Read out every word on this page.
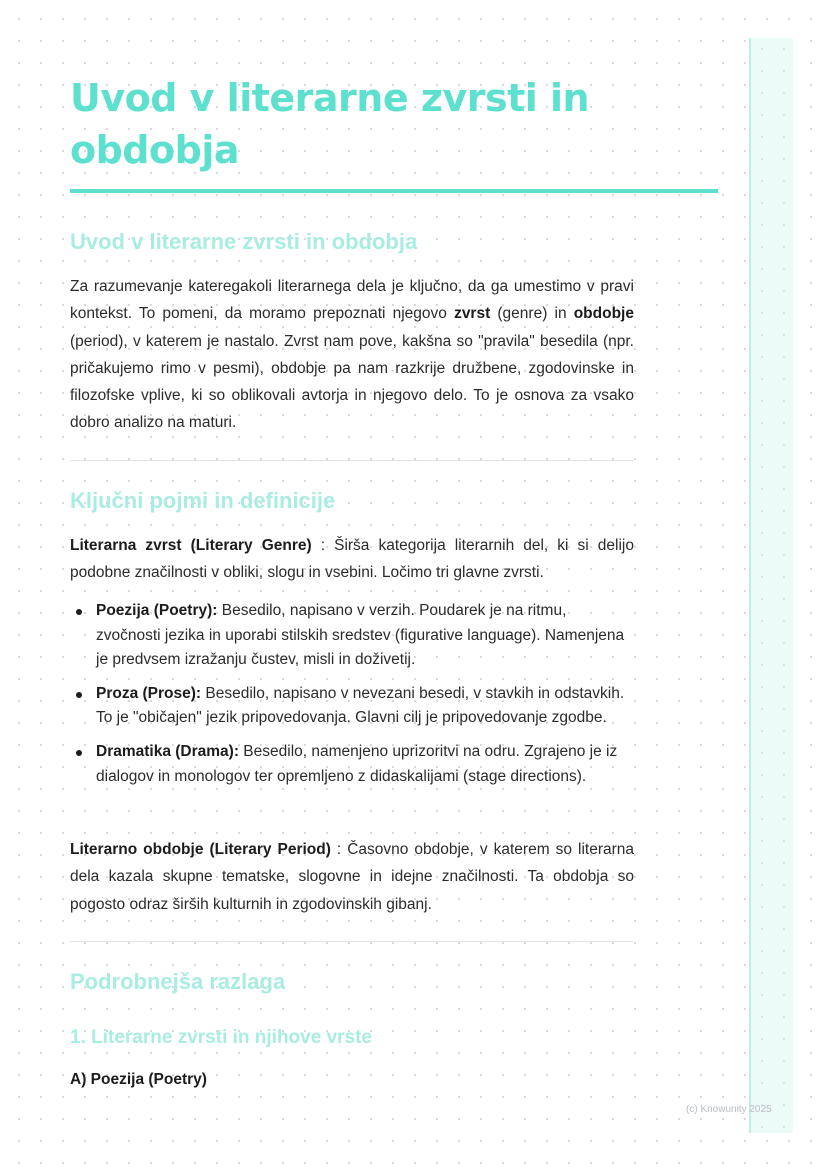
Uvod v literarne zvrsti in obdobja
Uvod v literarne zvrsti in obdobja

Za razumevanje kateregakoli literarnega dela je ključno, da ga umestimo v pravi kontekst. To pomeni, da moramo prepoznati njegovo zvrst (genre) in obdobje (period), v katerem je nastalo. Zvrst nam pove, kakšna so "pravila" besedila (npr. pričakujemo rimo v pesmi), obdobje pa nam razkrije družbene, zgodovinske in filozofske vplive, ki so oblikovali avtorja in njegovo delo. To je osnova za vsako dobro analizo na maturi.

Ključni pojmi in definicije

Literarna zvrst (Literary Genre) : Širša kategorija literarnih del, ki si delijo podobne značilnosti v obliki, slogu in vsebini. Ločimo tri glavne zvrsti.

Poezija (Poetry): Besedilo, napisano v verzih. Poudarek je na ritmu, zvočnosti jezika in uporabi stilskih sredstev (figurative language). Namenjena je predvsem izražanju čustev, misli in doživetij.
Proza (Prose): Besedilo, napisano v nevezani besedi, v stavkih in odstavkih. To je "običajen" jezik pripovedovanja. Glavni cilj je pripovedovanje zgodbe.
Dramatika (Drama): Besedilo, namenjeno uprizoritvi na odru. Zgrajeno je iz dialogov in monologov ter opremljeno z didaskalijami (stage directions).

Literarno obdobje (Literary Period) : Časovno obdobje, v katerem so literarna dela kazala skupne tematske, slogovne in idejne značilnosti. Ta obdobja so pogosto odraz širših kulturnih in zgodovinskih gibanj.

Podrobnejša razlaga
1. Literarne zvrsti in njihove vrste

A) Poezija (Poetry)

(c) Knowunity 2025
